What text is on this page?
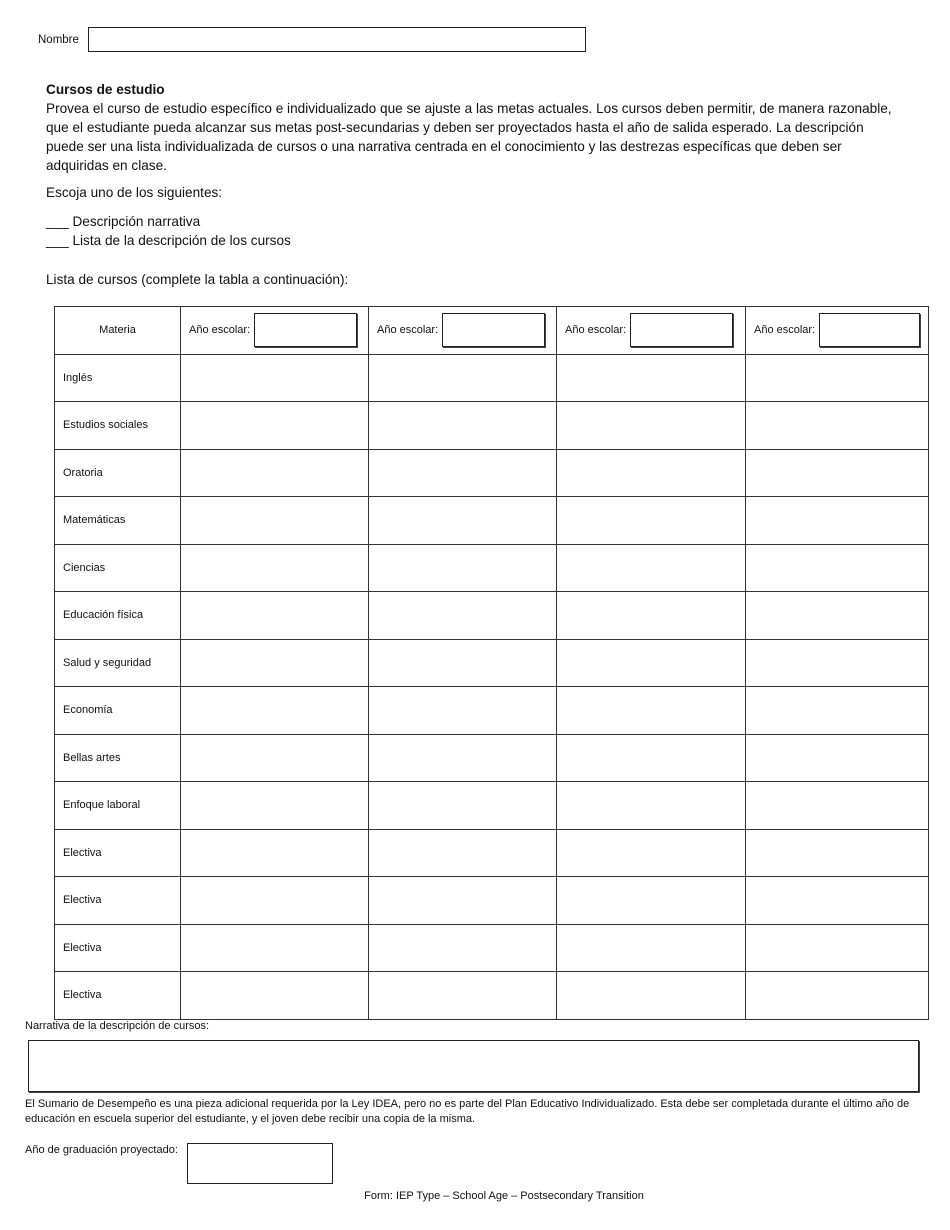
Nombre
Cursos de estudio
Provea el curso de estudio específico e individualizado que se ajuste a las metas actuales. Los cursos deben permitir, de manera razonable, que el estudiante pueda alcanzar sus metas post-secundarias y deben ser proyectados hasta el año de salida esperado. La descripción puede ser una lista individualizada de cursos o una narrativa centrada en el conocimiento y las destrezas específicas que deben ser adquiridas en clase.
Escoja uno de los siguientes:
___ Descripción narrativa
___ Lista de la descripción de los cursos
Lista de cursos (complete la tabla a continuación):
Materia	Año escolar:	Año escolar:	Año escolar:	Año escolar:

Inglés				
Estudios sociales				
Oratoria				
Matemáticas				
Ciencias				
Educación física				
Salud y seguridad				
Economía				
Bellas artes				
Enfoque laboral				
Electiva				
Electiva				
Electiva				
Electiva				
Narrativa de la descripción de cursos:
El Sumario de Desempeño es una pieza adicional requerida por la Ley IDEA, pero no es parte del Plan Educativo Individualizado. Esta debe ser completada durante el último año de educación en escuela superior del estudiante, y el joven debe recibir una copia de la misma.
Año de graduación proyectado:
Form: IEP Type – School Age – Postsecondary Transition
